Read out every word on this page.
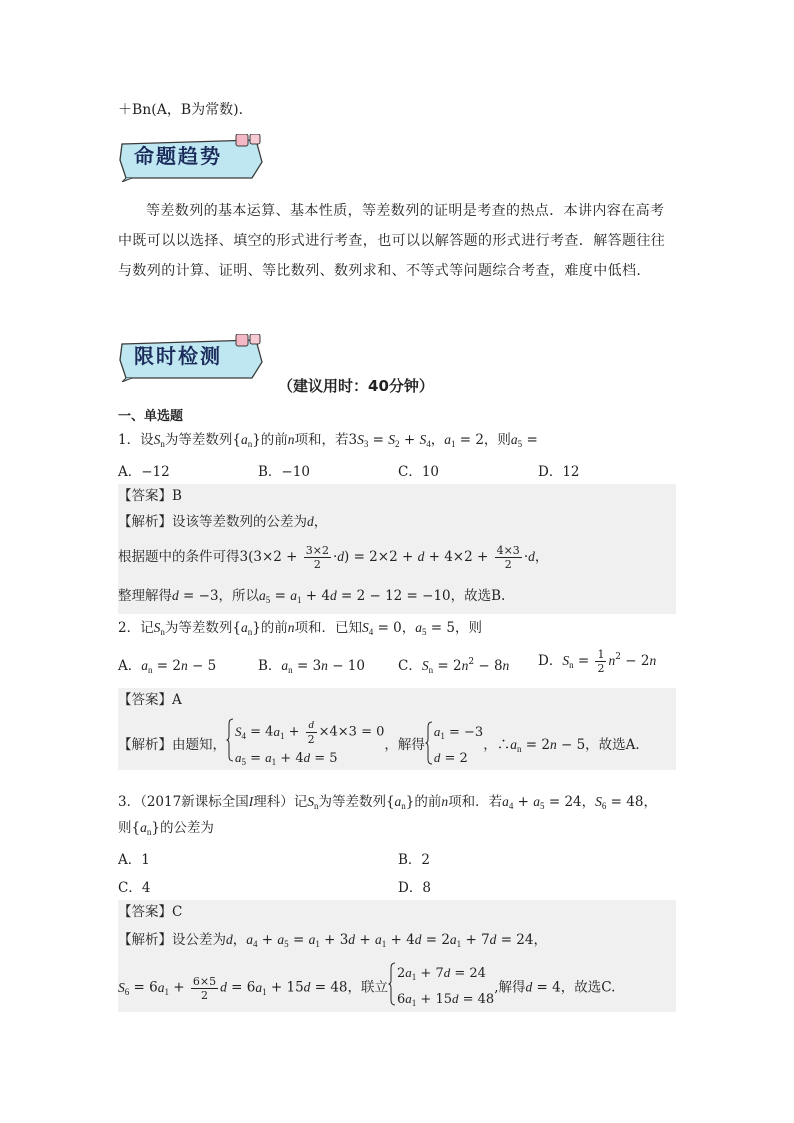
＋Bn(A，B为常数).
命题趋势
等差数列的基本运算、基本性质，等差数列的证明是考查的热点．本讲内容在高考中既可以以选择、填空的形式进行考查，也可以以解答题的形式进行考查．解答题往往与数列的计算、证明、等比数列、数列求和、不等式等问题综合考查，难度中低档.
限时检测
（建议用时：40分钟）
一、单选题
1．设$S_n$为等差数列$\{a_n\}$的前n项和，若$3S_3 = S_2 + S_4$，$a_1 = 2$，则$a_5$ =
A．−12	B．−10	C．10	D．12
【答案】B
【解析】设该等差数列的公差为d，
根据题中的条件可得$3(3\times 2 + \frac{3\times 2}{2} \cdot d) = 2\times 2 + d + 4\times 2 + \frac{4\times 3}{2} \cdot d$，
整理解得d = −3，所以$a_5 = a_1 + 4d = 2 - 12 = -10$，故选B.
2．记$S_n$为等差数列$\{a_n\}$的前n项和．已知$S_4 = 0$，$a_5 = 5$，则
A．$a_n = 2n - 5$	B．$a_n = 3n - 10$ C．$S_n = 2n^2 - 8n$ D．$S_n = \frac{1}{2} n^2 - 2n$
【答案】A
【解析】由题知，
$S_4 = 4a_1 + \frac{d}{2} \times 4\times 3 = 0$
$a_5 = a_1 + 4d = 5$
，解得
$a_1 = -3$
d = 2
，$\therefore a_n = 2n - 5$，故选A．
3．（2017新课标全国I理科）记$S_n$为等差数列$\{a_n\}$的前n项和．若$a_4 + a_5 = 24$，$S_6 = 48$，
则$\{a_n\}$的公差为
A．1	B．2
C．4	D．8
【答案】C
【解析】设公差为d，$a_4 + a_5 = a_1 + 3d + a_1 + 4d = 2a_1 + 7d = 24$，
$S_6 = 6a_1 + \frac{6\times 5}{2}$ $d = 6a_1 + 15d = 48$，联立
$2a_1 + 7d = 24$
$6a_1 + 15d = 48$
,解得d = 4，故选C.
